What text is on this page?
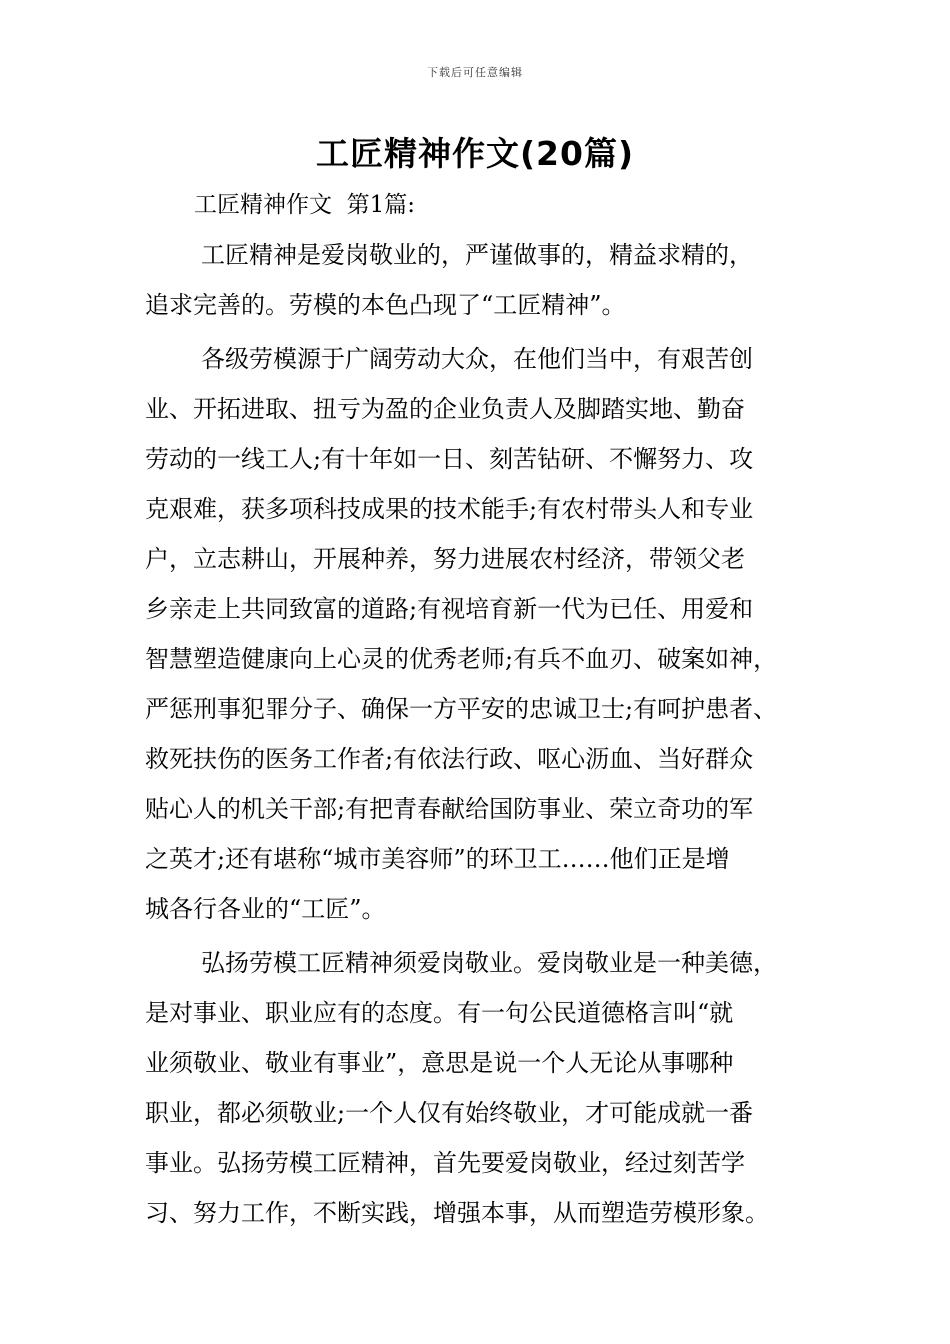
下载后可任意编辑
工匠精神作文(20篇)
工匠精神作文  第1篇:

工匠精神是爱岗敬业的，严谨做事的，精益求精的，
追求完善的。劳模的本色凸现了“工匠精神”。

各级劳模源于广阔劳动大众，在他们当中，有艰苦创
业、开拓进取、扭亏为盈的企业负责人及脚踏实地、勤奋
劳动的一线工人;有十年如一日、刻苦钻研、不懈努力、攻
克艰难，获多项科技成果的技术能手;有农村带头人和专业
户，立志耕山，开展种养，努力进展农村经济，带领父老
乡亲走上共同致富的道路;有视培育新一代为已任、用爱和
智慧塑造健康向上心灵的优秀老师;有兵不血刃、破案如神，
严惩刑事犯罪分子、确保一方平安的忠诚卫士;有呵护患者、
救死扶伤的医务工作者;有依法行政、呕心沥血、当好群众
贴心人的机关干部;有把青春献给国防事业、荣立奇功的军
之英才;还有堪称“城市美容师”的环卫工……他们正是增
城各行各业的“工匠”。

弘扬劳模工匠精神须爱岗敬业。爱岗敬业是一种美德，
是对事业、职业应有的态度。有一句公民道德格言叫“就
业须敬业、敬业有事业”，意思是说一个人无论从事哪种
职业，都必须敬业;一个人仅有始终敬业，才可能成就一番
事业。弘扬劳模工匠精神，首先要爱岗敬业，经过刻苦学
习、努力工作，不断实践，增强本事，从而塑造劳模形象。
